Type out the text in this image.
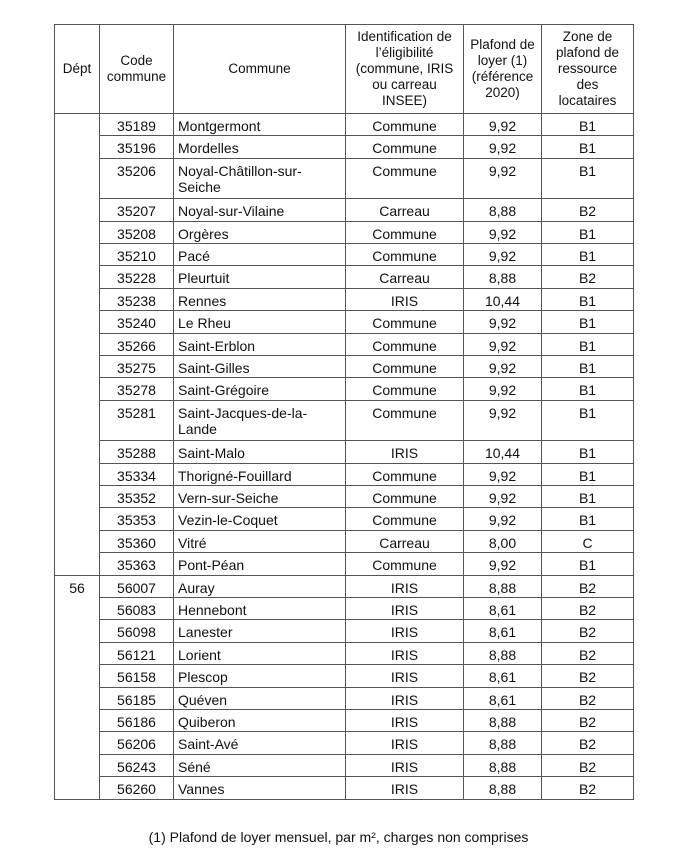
Dépt	Code commune	Commune	Identification de l’éligibilité (commune, IRIS ou carreau INSEE)	Plafond de loyer (1) (référence 2020)	Zone de plafond de ressource des locataires
	35189	Montgermont	Commune	9,92	B1
	35196	Mordelles	Commune	9,92	B1
	35206	Noyal-Châtillon-sur-Seiche	Commune	9,92	B1
	35207	Noyal-sur-Vilaine	Carreau	8,88	B2
	35208	Orgères	Commune	9,92	B1
	35210	Pacé	Commune	9,92	B1
	35228	Pleurtuit	Carreau	8,88	B2
	35238	Rennes	IRIS	10,44	B1
	35240	Le Rheu	Commune	9,92	B1
	35266	Saint-Erblon	Commune	9,92	B1
	35275	Saint-Gilles	Commune	9,92	B1
	35278	Saint-Grégoire	Commune	9,92	B1
	35281	Saint-Jacques-de-la-Lande	Commune	9,92	B1
	35288	Saint-Malo	IRIS	10,44	B1
	35334	Thorigné-Fouillard	Commune	9,92	B1
	35352	Vern-sur-Seiche	Commune	9,92	B1
	35353	Vezin-le-Coquet	Commune	9,92	B1
	35360	Vitré	Carreau	8,00	C
	35363	Pont-Péan	Commune	9,92	B1
56	56007	Auray	IRIS	8,88	B2
	56083	Hennebont	IRIS	8,61	B2
	56098	Lanester	IRIS	8,61	B2
	56121	Lorient	IRIS	8,88	B2
	56158	Plescop	IRIS	8,61	B2
	56185	Quéven	IRIS	8,61	B2
	56186	Quiberon	IRIS	8,88	B2
	56206	Saint-Avé	IRIS	8,88	B2
	56243	Séné	IRIS	8,88	B2
	56260	Vannes	IRIS	8,88	B2
(1) Plafond de loyer mensuel, par m², charges non comprises
